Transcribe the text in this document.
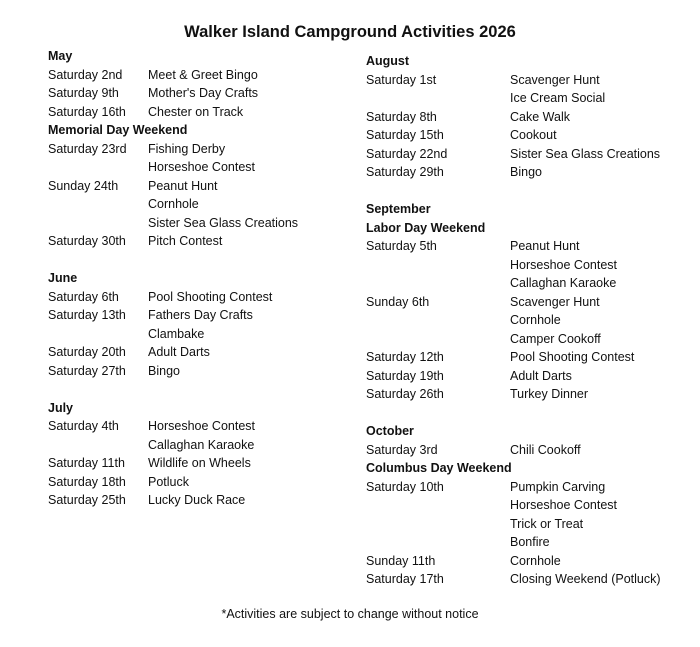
Walker Island Campground Activities 2026
May
Saturday 2nd	Meet & Greet Bingo
Saturday 9th	Mother's Day Crafts
Saturday 16th	Chester on Track
Memorial Day Weekend
Saturday 23rd	Fishing Derby
Horseshoe Contest
Sunday 24th	Peanut Hunt
Cornhole
Sister Sea Glass Creations
Saturday 30th	Pitch Contest
June
Saturday 6th	Pool Shooting Contest
Saturday 13th	Fathers Day Crafts
Clambake
Saturday 20th	Adult Darts
Saturday 27th	Bingo
July
Saturday 4th	Horseshoe Contest
Callaghan Karaoke
Saturday 11th	Wildlife on Wheels
Saturday 18th	Potluck
Saturday 25th	Lucky Duck Race
August
Saturday 1st	Scavenger Hunt
Ice Cream Social
Saturday 8th	Cake Walk
Saturday 15th	Cookout
Saturday 22nd	Sister Sea Glass Creations
Saturday 29th	Bingo
September
Labor Day Weekend
Saturday 5th	Peanut Hunt
Horseshoe Contest
Callaghan Karaoke
Sunday 6th	Scavenger Hunt
Cornhole
Camper Cookoff
Saturday 12th	Pool Shooting Contest
Saturday 19th	Adult Darts
Saturday 26th	Turkey Dinner
October
Saturday 3rd	Chili Cookoff
Columbus Day Weekend
Saturday 10th	Pumpkin Carving
Horseshoe Contest
Trick or Treat
Bonfire
Sunday 11th	Cornhole
Saturday 17th	Closing Weekend (Potluck)
*Activities are subject to change without notice
